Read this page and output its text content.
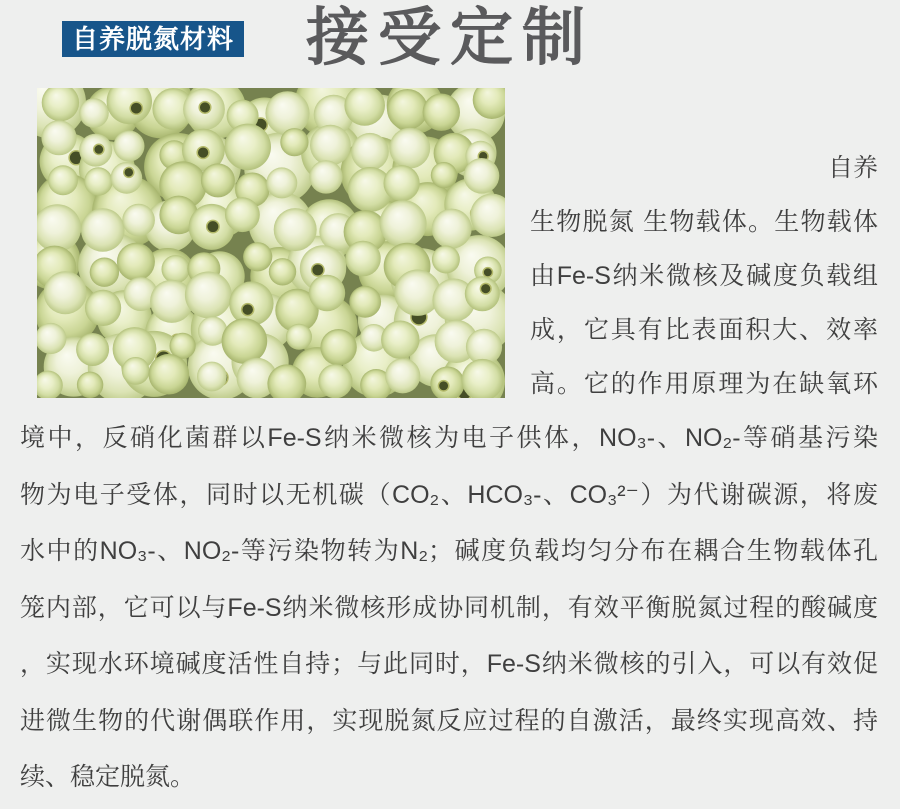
自养脱氮材料 接受定制
自养
生物脱氮 生物载体。生物载体
由Fe-S纳米微核及碱度负载组
成，它具有比表面积大、效率
高。它的作用原理为在缺氧环
境中，反硝化菌群以Fe-S纳米微核为电子供体，NO₃-、NO₂-等硝基污染
物为电子受体，同时以无机碳（CO₂、HCO₃-、CO₃²⁻）为代谢碳源，将废
水中的NO₃-、NO₂-等污染物转为N₂；碱度负载均匀分布在耦合生物载体孔
笼内部，它可以与Fe-S纳米微核形成协同机制，有效平衡脱氮过程的酸碱度
，实现水环境碱度活性自持；与此同时，Fe-S纳米微核的引入，可以有效促
进微生物的代谢偶联作用，实现脱氮反应过程的自激活，最终实现高效、持
续、稳定脱氮。
